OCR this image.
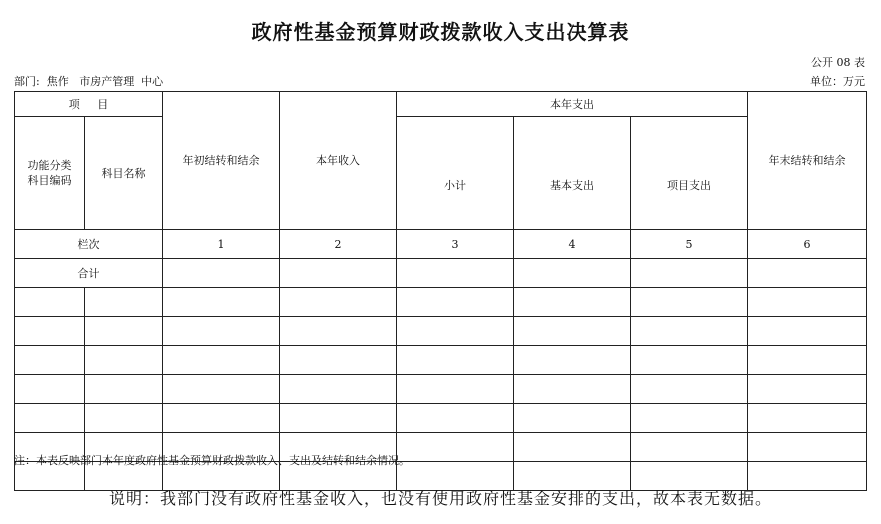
政府性基金预算财政拨款收入支出决算表
公开 08 表
部门:  焦作   市房产管理  中心	单位：万元
项     目		年初结转和结余	本年收入	本年支出			年末结转和结余

功能分类
科目编码	科目名称			小计	基本支出	项目支出	
栏次		1	2	3	4	5	6
合计							

注：本表反映部门本年度政府性基金预算财政拨款收入、支出及结转和结余情况。
说明：我部门没有政府性基金收入，也没有使用政府性基金安排的支出，故本表无数据。
